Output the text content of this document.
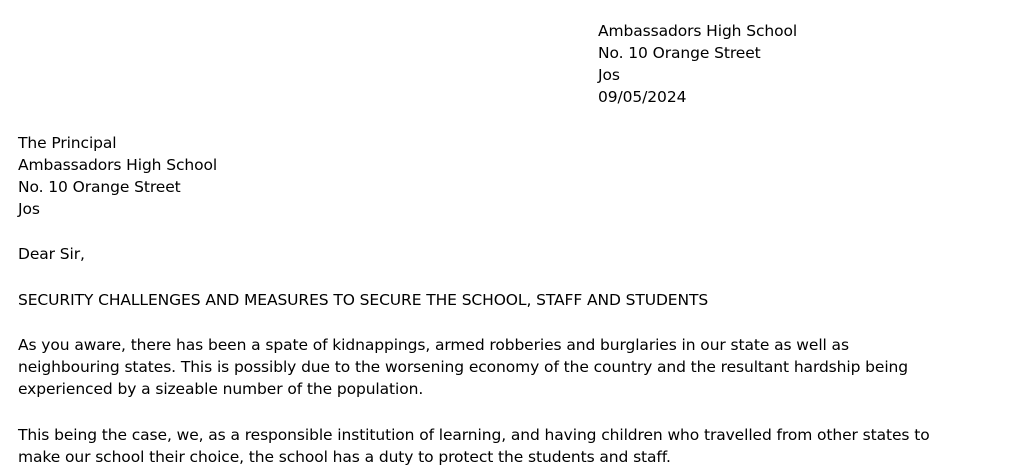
Ambassadors High School
No. 10 Orange Street
Jos
09/05/2024
The Principal
Ambassadors High School
No. 10 Orange Street
Jos
Dear Sir,
SECURITY CHALLENGES AND MEASURES TO SECURE THE SCHOOL, STAFF AND STUDENTS
As you aware, there has been a spate of kidnappings, armed robberies and burglaries in our state as well as
neighbouring states. This is possibly due to the worsening economy of the country and the resultant hardship being
experienced by a sizeable number of the population.
This being the case, we, as a responsible institution of learning, and having children who travelled from other states to
make our school their choice, the school has a duty to protect the students and staff.
